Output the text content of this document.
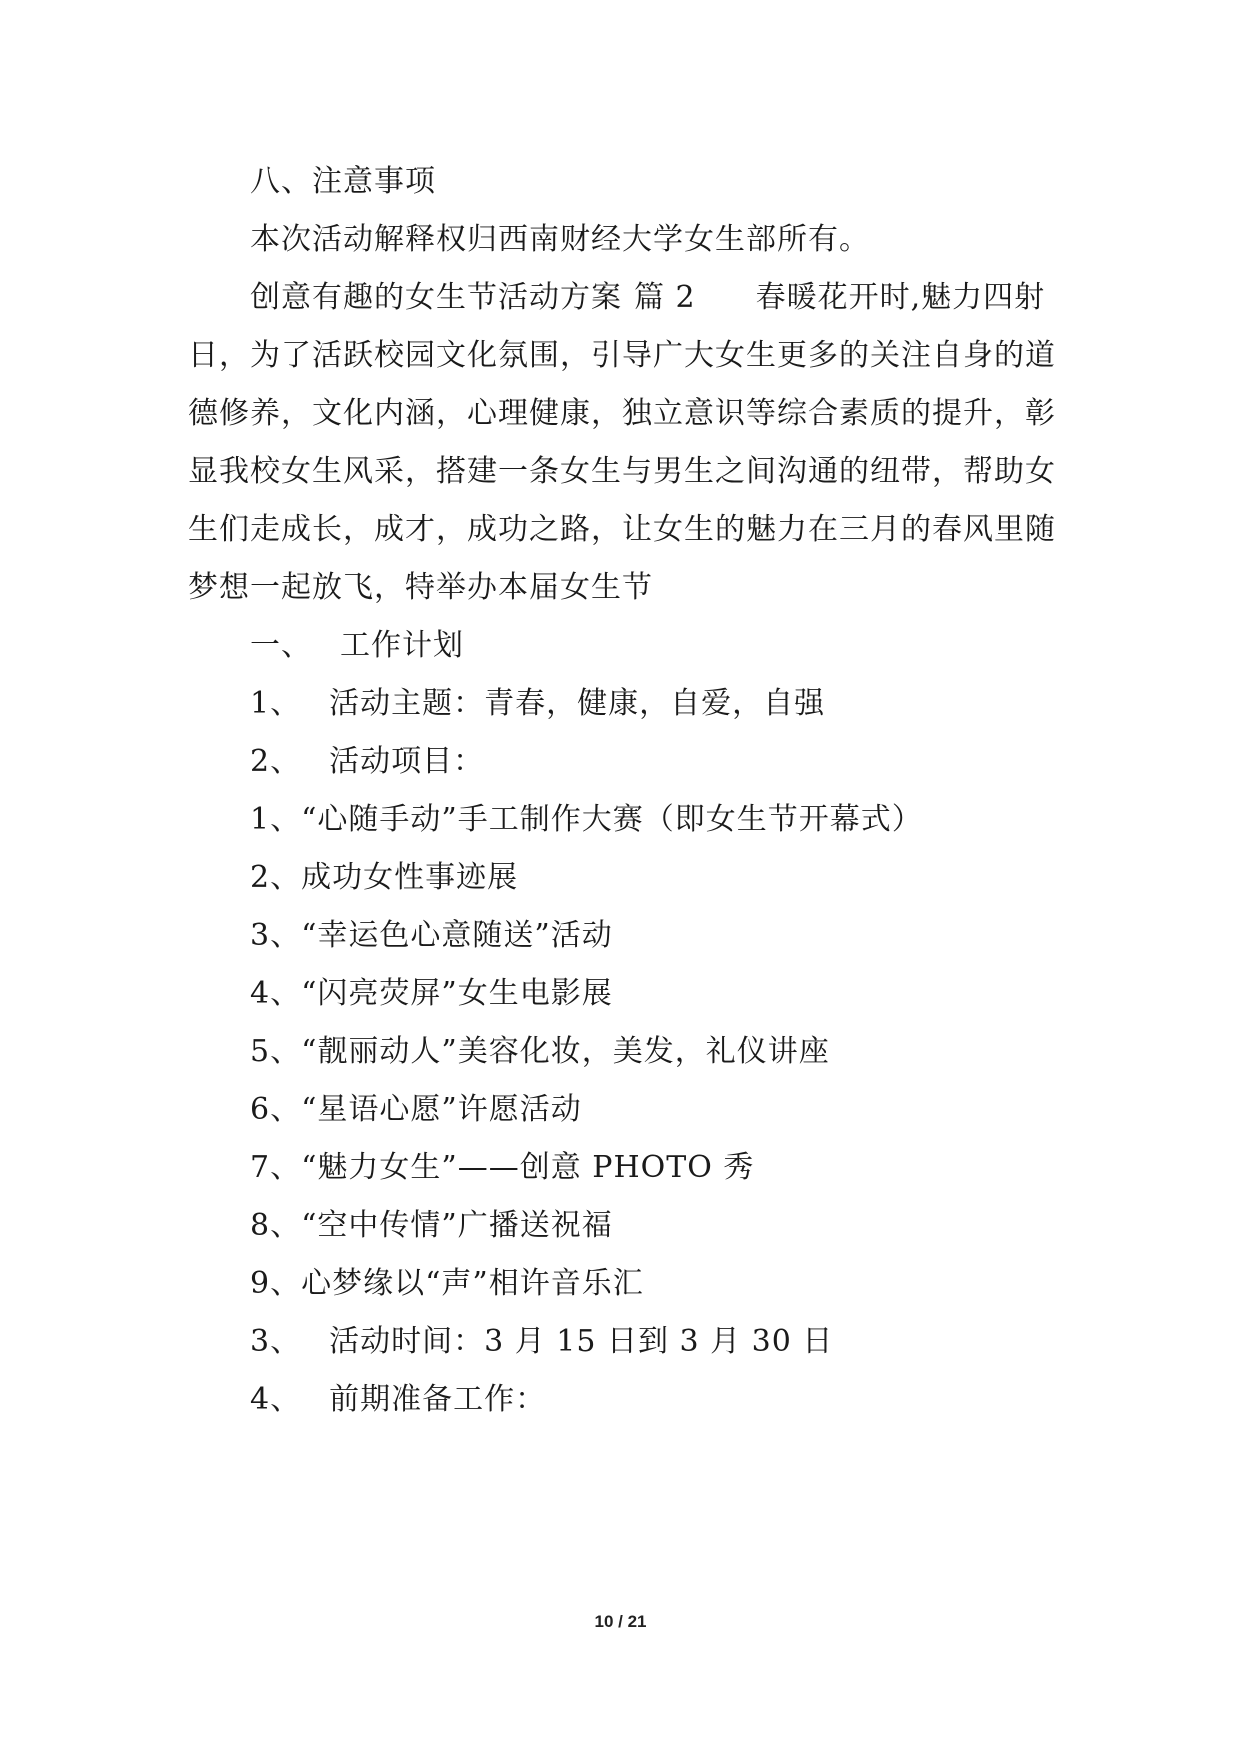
八、注意事项
本次活动解释权归西南财经大学女生部所有。
创意有趣的女生节活动方案 篇 2 春暖花开时,魅力四射
日，为了活跃校园文化氛围，引导广大女生更多的关注自身的道
德修养，文化内涵，心理健康，独立意识等综合素质的提升，彰
显我校女生风采，搭建一条女生与男生之间沟通的纽带，帮助女
生们走成长，成才，成功之路，让女生的魅力在三月的春风里随
梦想一起放飞，特举办本届女生节
一、 工作计划
1、 活动主题：青春，健康，自爱，自强
2、 活动项目：
1、“心随手动”手工制作大赛（即女生节开幕式）
2、成功女性事迹展
3、“幸运色心意随送”活动
4、“闪亮荧屏”女生电影展
5、“靓丽动人”美容化妆，美发，礼仪讲座
6、“星语心愿”许愿活动
7、“魅力女生”——创意 PHOTO 秀
8、“空中传情”广播送祝福
9、心梦缘以“声”相许音乐汇
3、 活动时间：3 月 15 日到 3 月 30 日
4、 前期准备工作：
10 / 21
